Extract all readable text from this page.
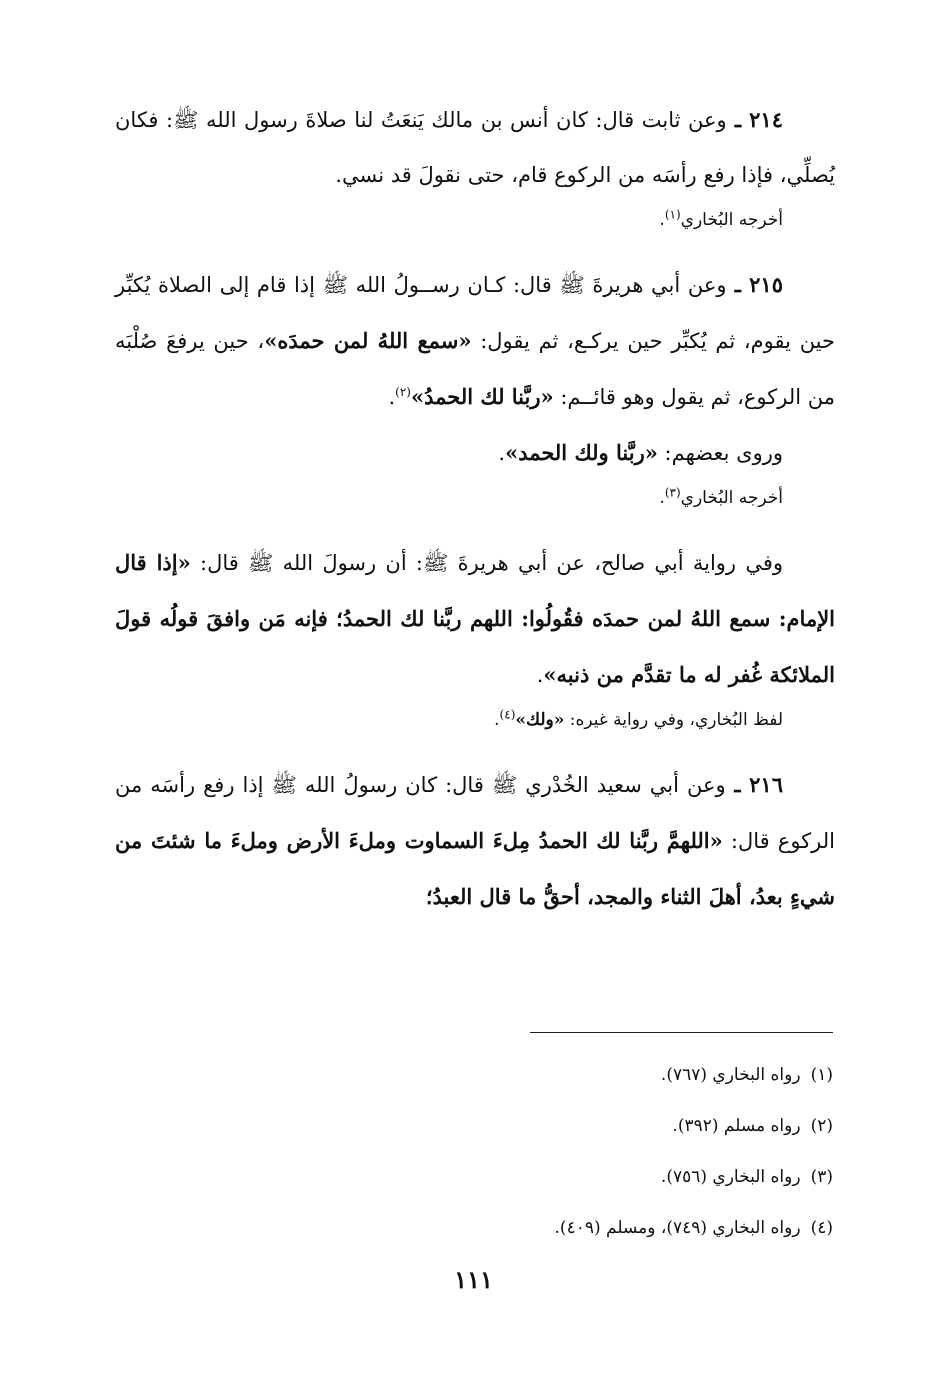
٢١٤ ـ وعن ثابت قال: كان أنس بن مالك يَنعَتُ لنا صلاةَ رسول الله ﷺ: فكان يُصلِّي، فإذا رفع رأسَه من الركوع قام، حتى نقولَ قد نسي.

أخرجه البُخاري$^{(١)}$.

٢١٥ ـ وعن أبي هريرةَ ﷺ قال: كـان رســولُ الله ﷺ إذا قام إلى الصلاة يُكبِّر حين يقوم، ثم يُكبِّر حين يركـع، ثم يقول: «سمع اللهُ لمن حمدَه»، حين يرفعَ صُلْبَه من الركوع، ثم يقول وهو قائــم: «ربَّنا لك الحمدُ»$^{(٢)}$.

وروى بعضهم: «ربَّنا ولك الحمد».

أخرجه البُخاري$^{(٣)}$.

وفي رواية أبي صالح، عن أبي هريرةَ ﷺ: أن رسولَ الله ﷺ قال: «إذا قال الإمام: سمع اللهُ لمن حمدَه فقُولُوا: اللهم ربَّنا لك الحمدُ؛ فإنه مَن وافقَ قولُه قولَ الملائكة غُفر له ما تقدَّم من ذنبه».

لفظ البُخاري، وفي رواية غيره: «ولك»$^{(٤)}$.

٢١٦ ـ وعن أبي سعيد الخُدْري ﷺ قال: كان رسولُ الله ﷺ إذا رفع رأسَه من الركوع قال: «اللهمَّ ربَّنا لك الحمدُ مِلءَ السماوت وملءَ الأرض وملءَ ما شئتَ من شيءٍ بعدُ، أهلَ الثناء والمجد، أحقُّ ما قال العبدُ؛

(١)رواه البخاري (٧٦٧).
(٢)رواه مسلم (٣٩٢).
(٣)رواه البخاري (٧٥٦).
(٤)رواه البخاري (٧٤٩)، ومسلم (٤٠٩).
١١١
